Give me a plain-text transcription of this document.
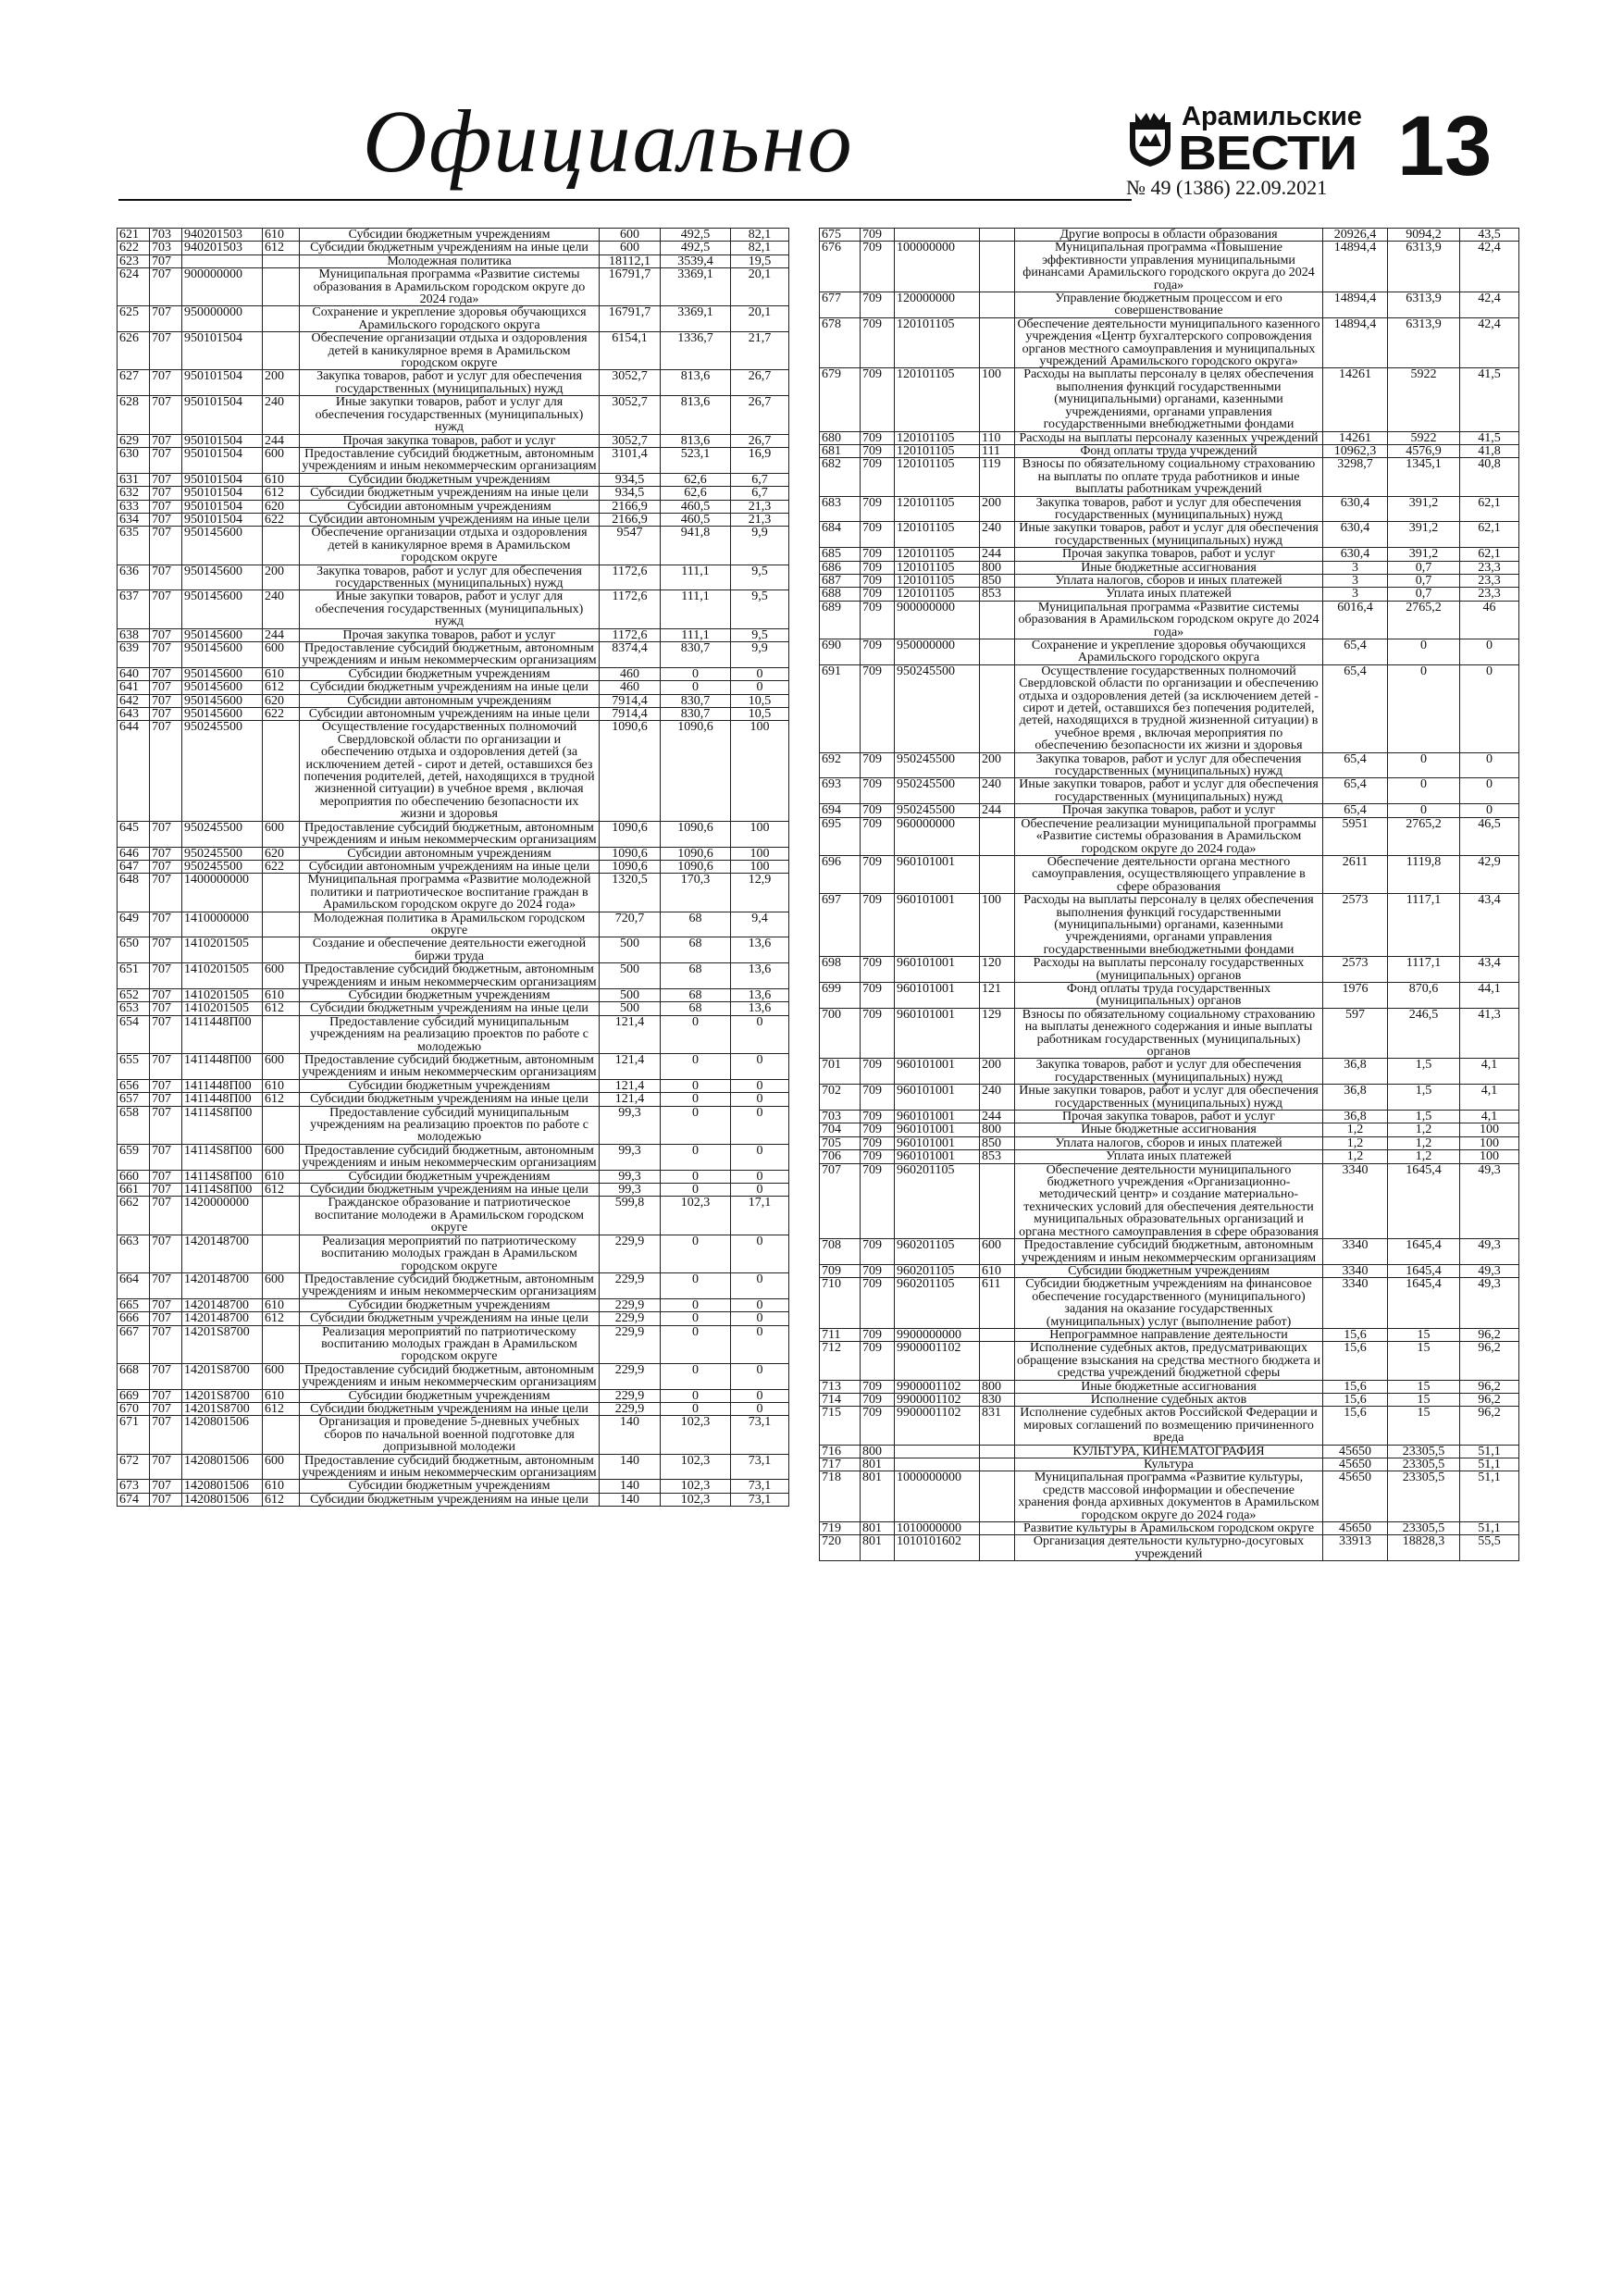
Официально	Арамильские
ВЕСТИ
№ 49 (1386) 22.09.2021 13
621	703	940201503	610	Субсидии бюджетным учреждениям	600	492,5	82,1
622	703	940201503	612	Субсидии бюджетным учреждениям на иные цели	600	492,5	82,1
623	707			Молодежная политика	18112,1	3539,4	19,5
624	707	900000000		Муниципальная программа «Развитие системы образования в Арамильском городском округе до 2024 года»	16791,7	3369,1	20,1
625	707	950000000		Сохранение и укрепление здоровья обучающихся Арамильского городского округа	16791,7	3369,1	20,1
626	707	950101504		Обеспечение организации отдыха и оздоровления детей в каникулярное время в Арамильском городском округе	6154,1	1336,7	21,7
627	707	950101504	200	Закупка товаров, работ и услуг для обеспечения государственных (муниципальных) нужд	3052,7	813,6	26,7
628	707	950101504	240	Иные закупки товаров, работ и услуг для обеспечения государственных (муниципальных) нужд	3052,7	813,6	26,7
629	707	950101504	244	Прочая закупка товаров, работ и услуг	3052,7	813,6	26,7
630	707	950101504	600	Предоставление субсидий бюджетным, автономным учреждениям и иным некоммерческим организациям	3101,4	523,1	16,9
631	707	950101504	610	Субсидии бюджетным учреждениям	934,5	62,6	6,7
632	707	950101504	612	Субсидии бюджетным учреждениям на иные цели	934,5	62,6	6,7
633	707	950101504	620	Субсидии автономным учреждениям	2166,9	460,5	21,3
634	707	950101504	622	Субсидии автономным учреждениям на иные цели	2166,9	460,5	21,3
635	707	950145600		Обеспечение организации отдыха и оздоровления детей в каникулярное время в Арамильском городском округе	9547	941,8	9,9
636	707	950145600	200	Закупка товаров, работ и услуг для обеспечения государственных (муниципальных) нужд	1172,6	111,1	9,5
637	707	950145600	240	Иные закупки товаров, работ и услуг для обеспечения государственных (муниципальных) нужд	1172,6	111,1	9,5
638	707	950145600	244	Прочая закупка товаров, работ и услуг	1172,6	111,1	9,5
639	707	950145600	600	Предоставление субсидий бюджетным, автономным учреждениям и иным некоммерческим организациям	8374,4	830,7	9,9
640	707	950145600	610	Субсидии бюджетным учреждениям	460	0	0
641	707	950145600	612	Субсидии бюджетным учреждениям на иные цели	460	0	0
642	707	950145600	620	Субсидии автономным учреждениям	7914,4	830,7	10,5
643	707	950145600	622	Субсидии автономным учреждениям на иные цели	7914,4	830,7	10,5
644	707	950245500		Осуществление государственных полномочий Свердловской области по организации и обеспечению отдыха и оздоровления детей (за исключением детей - сирот и детей, оставшихся без попечения родителей, детей, находящихся в трудной жизненной ситуации) в учебное время , включая мероприятия по обеспечению безопасности их жизни и здоровья	1090,6	1090,6	100
645	707	950245500	600	Предоставление субсидий бюджетным, автономным учреждениям и иным некоммерческим организациям	1090,6	1090,6	100
646	707	950245500	620	Субсидии автономным учреждениям	1090,6	1090,6	100
647	707	950245500	622	Субсидии автономным учреждениям на иные цели	1090,6	1090,6	100
648	707	1400000000		Муниципальная программа «Развитие молодежной политики и патриотическое воспитание граждан в Арамильском городском округе до 2024 года»	1320,5	170,3	12,9
649	707	1410000000		Молодежная политика в Арамильском городском округе	720,7	68	9,4
650	707	1410201505		Создание и обеспечение деятельности ежегодной биржи труда	500	68	13,6
651	707	1410201505	600	Предоставление субсидий бюджетным, автономным учреждениям и иным некоммерческим организациям	500	68	13,6
652	707	1410201505	610	Субсидии бюджетным учреждениям	500	68	13,6
653	707	1410201505	612	Субсидии бюджетным учреждениям на иные цели	500	68	13,6
654	707	1411448П00		Предоставление субсидий муниципальным учреждениям на реализацию проектов по работе с молодежью	121,4	0	0
655	707	1411448П00	600	Предоставление субсидий бюджетным, автономным учреждениям и иным некоммерческим организациям	121,4	0	0
656	707	1411448П00	610	Субсидии бюджетным учреждениям	121,4	0	0
657	707	1411448П00	612	Субсидии бюджетным учреждениям на иные цели	121,4	0	0
658	707	14114S8П00		Предоставление субсидий муниципальным учреждениям на реализацию проектов по работе с молодежью	99,3	0	0
659	707	14114S8П00	600	Предоставление субсидий бюджетным, автономным учреждениям и иным некоммерческим организациям	99,3	0	0
660	707	14114S8П00	610	Субсидии бюджетным учреждениям	99,3	0	0
661	707	14114S8П00	612	Субсидии бюджетным учреждениям на иные цели	99,3	0	0
662	707	1420000000		Гражданское образование и патриотическое воспитание молодежи в Арамильском городском округе	599,8	102,3	17,1
663	707	1420148700		Реализация мероприятий по патриотическому воспитанию молодых граждан в Арамильском городском округе	229,9	0	0
664	707	1420148700	600	Предоставление субсидий бюджетным, автономным учреждениям и иным некоммерческим организациям	229,9	0	0
665	707	1420148700	610	Субсидии бюджетным учреждениям	229,9	0	0
666	707	1420148700	612	Субсидии бюджетным учреждениям на иные цели	229,9	0	0
667	707	14201S8700		Реализация мероприятий по патриотическому воспитанию молодых граждан в Арамильском городском округе	229,9	0	0
668	707	14201S8700	600	Предоставление субсидий бюджетным, автономным учреждениям и иным некоммерческим организациям	229,9	0	0
669	707	14201S8700	610	Субсидии бюджетным учреждениям	229,9	0	0
670	707	14201S8700	612	Субсидии бюджетным учреждениям на иные цели	229,9	0	0
671	707	1420801506		Организация и проведение 5-дневных учебных сборов по начальной военной подготовке для допризывной молодежи	140	102,3	73,1
672	707	1420801506	600	Предоставление субсидий бюджетным, автономным учреждениям и иным некоммерческим организациям	140	102,3	73,1
673	707	1420801506	610	Субсидии бюджетным учреждениям	140	102,3	73,1
674	707	1420801506	612	Субсидии бюджетным учреждениям на иные цели	140	102,3	73,1
675	709			Другие вопросы в области образования	20926,4	9094,2	43,5
676	709	100000000		Муниципальная программа «Повышение эффективности управления муниципальными финансами Арамильского городского округа до 2024 года»	14894,4	6313,9	42,4
677	709	120000000		Управление бюджетным процессом и его совершенствование	14894,4	6313,9	42,4
678	709	120101105		Обеспечение деятельности муниципального казенного учреждения «Центр бухгалтерского сопровождения органов местного самоуправления и муниципальных учреждений Арамильского городского округа»	14894,4	6313,9	42,4
679	709	120101105	100	Расходы на выплаты персоналу в целях обеспечения выполнения функций государственными (муниципальными) органами, казенными учреждениями, органами управления государственными внебюджетными фондами	14261	5922	41,5
680	709	120101105	110	Расходы на выплаты персоналу казенных учреждений	14261	5922	41,5
681	709	120101105	111	Фонд оплаты труда учреждений	10962,3	4576,9	41,8
682	709	120101105	119	Взносы по обязательному социальному страхованию на выплаты по оплате труда работников и иные выплаты работникам учреждений	3298,7	1345,1	40,8
683	709	120101105	200	Закупка товаров, работ и услуг для обеспечения государственных (муниципальных) нужд	630,4	391,2	62,1
684	709	120101105	240	Иные закупки товаров, работ и услуг для обеспечения государственных (муниципальных) нужд	630,4	391,2	62,1
685	709	120101105	244	Прочая закупка товаров, работ и услуг	630,4	391,2	62,1
686	709	120101105	800	Иные бюджетные ассигнования	3	0,7	23,3
687	709	120101105	850	Уплата налогов, сборов и иных платежей	3	0,7	23,3
688	709	120101105	853	Уплата иных платежей	3	0,7	23,3
689	709	900000000		Муниципальная программа «Развитие системы образования в Арамильском городском округе до 2024 года»	6016,4	2765,2	46
690	709	950000000		Сохранение и укрепление здоровья обучающихся Арамильского городского округа	65,4	0	0
691	709	950245500		Осуществление государственных полномочий Свердловской области по организации и обеспечению отдыха и оздоровления детей (за исключением детей - сирот и детей, оставшихся без попечения родителей, детей, находящихся в трудной жизненной ситуации) в учебное время , включая мероприятия по обеспечению безопасности их жизни и здоровья	65,4	0	0
692	709	950245500	200	Закупка товаров, работ и услуг для обеспечения государственных (муниципальных) нужд	65,4	0	0
693	709	950245500	240	Иные закупки товаров, работ и услуг для обеспечения государственных (муниципальных) нужд	65,4	0	0
694	709	950245500	244	Прочая закупка товаров, работ и услуг	65,4	0	0
695	709	960000000		Обеспечение реализации муниципальной программы «Развитие системы образования в Арамильском городском округе до 2024 года»	5951	2765,2	46,5
696	709	960101001		Обеспечение деятельности органа местного самоуправления, осуществляющего управление в сфере образования	2611	1119,8	42,9
697	709	960101001	100	Расходы на выплаты персоналу в целях обеспечения выполнения функций государственными (муниципальными) органами, казенными учреждениями, органами управления государственными внебюджетными фондами	2573	1117,1	43,4
698	709	960101001	120	Расходы на выплаты персоналу государственных (муниципальных) органов	2573	1117,1	43,4
699	709	960101001	121	Фонд оплаты труда государственных (муниципальных) органов	1976	870,6	44,1
700	709	960101001	129	Взносы по обязательному социальному страхованию на выплаты денежного содержания и иные выплаты работникам государственных (муниципальных) органов	597	246,5	41,3
701	709	960101001	200	Закупка товаров, работ и услуг для обеспечения государственных (муниципальных) нужд	36,8	1,5	4,1
702	709	960101001	240	Иные закупки товаров, работ и услуг для обеспечения государственных (муниципальных) нужд	36,8	1,5	4,1
703	709	960101001	244	Прочая закупка товаров, работ и услуг	36,8	1,5	4,1
704	709	960101001	800	Иные бюджетные ассигнования	1,2	1,2	100
705	709	960101001	850	Уплата налогов, сборов и иных платежей	1,2	1,2	100
706	709	960101001	853	Уплата иных платежей	1,2	1,2	100
707	709	960201105		Обеспечение деятельности муниципального бюджетного учреждения «Организационно-методический центр» и создание материально-технических условий для обеспечения деятельности муниципальных образовательных организаций и органа местного самоуправления в сфере образования	3340	1645,4	49,3
708	709	960201105	600	Предоставление субсидий бюджетным, автономным учреждениям и иным некоммерческим организациям	3340	1645,4	49,3
709	709	960201105	610	Субсидии бюджетным учреждениям	3340	1645,4	49,3
710	709	960201105	611	Субсидии бюджетным учреждениям на финансовое обеспечение государственного (муниципального) задания на оказание государственных (муниципальных) услуг (выполнение работ)	3340	1645,4	49,3
711	709	9900000000		Непрограммное направление деятельности	15,6	15	96,2
712	709	9900001102		Исполнение судебных актов, предусматривающих обращение взыскания на средства местного бюджета и средства учреждений бюджетной сферы	15,6	15	96,2
713	709	9900001102	800	Иные бюджетные ассигнования	15,6	15	96,2
714	709	9900001102	830	Исполнение судебных актов	15,6	15	96,2
715	709	9900001102	831	Исполнение судебных актов Российской Федерации и мировых соглашений по возмещению причиненного вреда	15,6	15	96,2
716	800			КУЛЬТУРА, КИНЕМАТОГРАФИЯ	45650	23305,5	51,1
717	801			Культура	45650	23305,5	51,1
718	801	1000000000		Муниципальная программа «Развитие культуры, средств массовой информации и обеспечение хранения фонда архивных документов в Арамильском городском округе до 2024 года»	45650	23305,5	51,1
719	801	1010000000		Развитие культуры в Арамильском городском округе	45650	23305,5	51,1
720	801	1010101602		Организация деятельности культурно-досуговых учреждений	33913	18828,3	55,5
